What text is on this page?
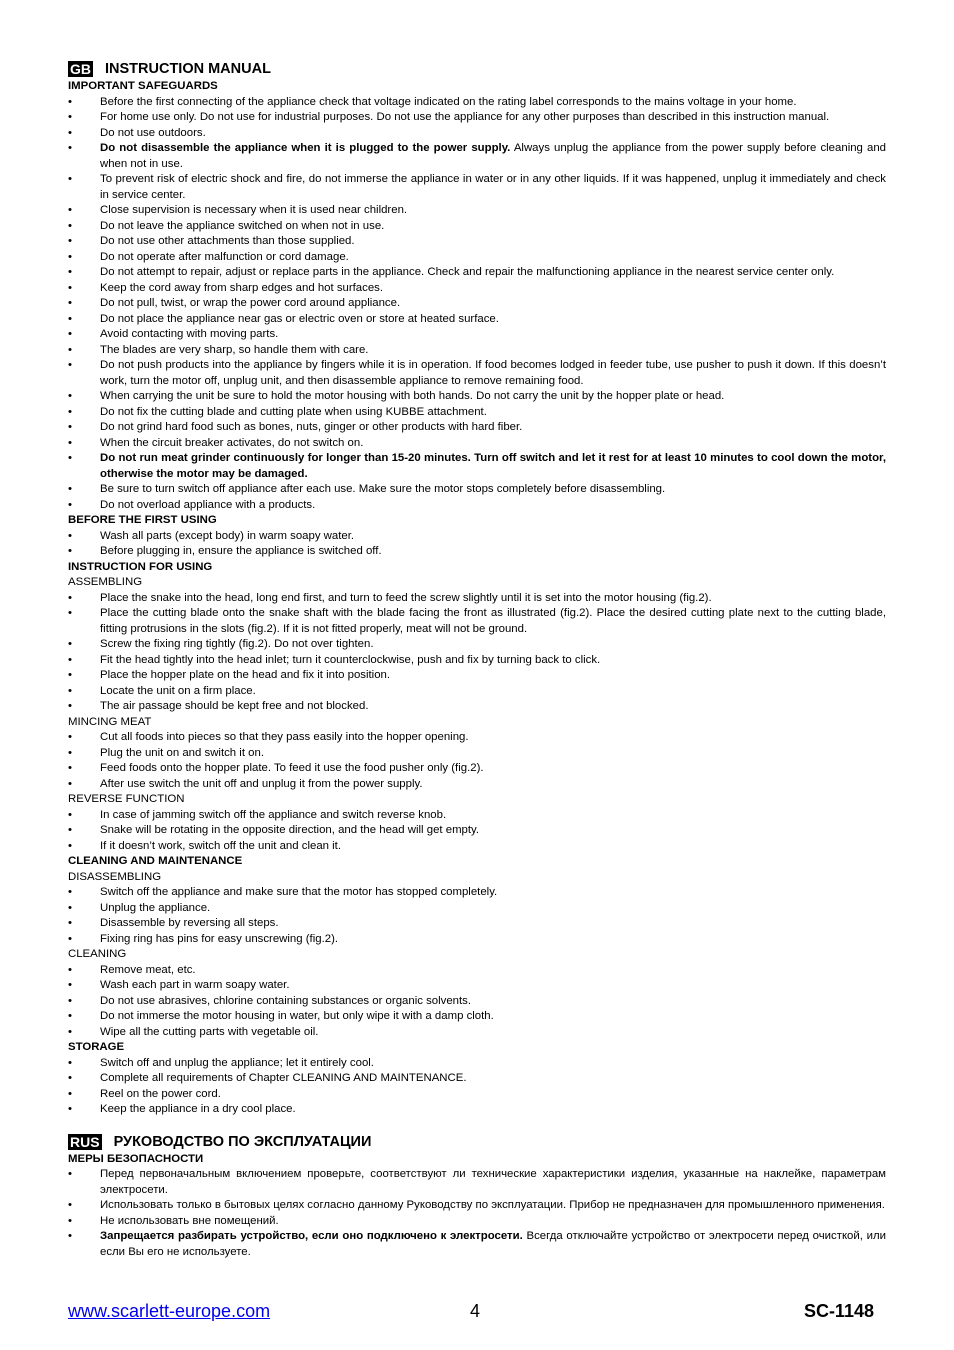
GB INSTRUCTION MANUAL
IMPORTANT SAFEGUARDS
• Before the first connecting of the appliance check that voltage indicated on the rating label corresponds to the mains voltage in your home.
• For home use only. Do not use for industrial purposes. Do not use the appliance for any other purposes than described in this instruction manual.
• Do not use outdoors.
• Do not disassemble the appliance when it is plugged to the power supply. Always unplug the appliance from the power supply before cleaning and when not in use.
• To prevent risk of electric shock and fire, do not immerse the appliance in water or in any other liquids. If it was happened, unplug it immediately and check in service center.
• Close supervision is necessary when it is used near children.
• Do not leave the appliance switched on when not in use.
• Do not use other attachments than those supplied.
• Do not operate after malfunction or cord damage.
• Do not attempt to repair, adjust or replace parts in the appliance. Check and repair the malfunctioning appliance in the nearest service center only.
• Keep the cord away from sharp edges and hot surfaces.
• Do not pull, twist, or wrap the power cord around appliance.
• Do not place the appliance near gas or electric oven or store at heated surface.
• Avoid contacting with moving parts.
• The blades are very sharp, so handle them with care.
• Do not push products into the appliance by fingers while it is in operation. If food becomes lodged in feeder tube, use pusher to push it down. If this doesn’t work, turn the motor off, unplug unit, and then disassemble appliance to remove remaining food.
• When carrying the unit be sure to hold the motor housing with both hands. Do not carry the unit by the hopper plate or head.
• Do not fix the cutting blade and cutting plate when using KUBBE attachment.
• Do not grind hard food such as bones, nuts, ginger or other products with hard fiber.
• When the circuit breaker activates, do not switch on.
• Do not run meat grinder continuously for longer than 15-20 minutes. Turn off switch and let it rest for at least 10 minutes to cool down the motor, otherwise the motor may be damaged.
• Be sure to turn switch off appliance after each use. Make sure the motor stops completely before disassembling.
• Do not overload appliance with a products.
BEFORE THE FIRST USING
• Wash all parts (except body) in warm soapy water.
• Before plugging in, ensure the appliance is switched off.
INSTRUCTION FOR USING
ASSEMBLING
• Place the snake into the head, long end first, and turn to feed the screw slightly until it is set into the motor housing (fig.2).
• Place the cutting blade onto the snake shaft with the blade facing the front as illustrated (fig.2). Place the desired cutting plate next to the cutting blade, fitting protrusions in the slots (fig.2). If it is not fitted properly, meat will not be ground.
• Screw the fixing ring tightly (fig.2). Do not over tighten.
• Fit the head tightly into the head inlet; turn it counterclockwise, push and fix by turning back to click.
• Place the hopper plate on the head and fix it into position.
• Locate the unit on a firm place.
• The air passage should be kept free and not blocked.
MINCING MEAT
• Cut all foods into pieces so that they pass easily into the hopper opening.
• Plug the unit on and switch it on.
• Feed foods onto the hopper plate. To feed it use the food pusher only (fig.2).
• After use switch the unit off and unplug it from the power supply.
REVERSE FUNCTION
• In case of jamming switch off the appliance and switch reverse knob.
• Snake will be rotating in the opposite direction, and the head will get empty.
• If it doesn’t work, switch off the unit and clean it.
CLEANING AND MAINTENANCE
DISASSEMBLING
• Switch off the appliance and make sure that the motor has stopped completely.
• Unplug the appliance.
• Disassemble by reversing all steps.
• Fixing ring has pins for easy unscrewing (fig.2).
CLEANING
• Remove meat, etc.
• Wash each part in warm soapy water.
• Do not use abrasives, chlorine containing substances or organic solvents.
• Do not immerse the motor housing in water, but only wipe it with a damp cloth.
• Wipe all the cutting parts with vegetable oil.
STORAGE
• Switch off and unplug the appliance; let it entirely cool.
• Complete all requirements of Chapter CLEANING AND MAINTENANCE.
• Reel on the power cord.
• Keep the appliance in a dry cool place.
RUS РУКОВОДСТВО ПО ЭКСПЛУАТАЦИИ
МЕРЫ БЕЗОПАСНОСТИ
• Перед первоначальным включением проверьте, соответствуют ли технические характеристики изделия, указанные на наклейке, параметрам электросети.
• Использовать только в бытовых целях согласно данному Руководству по эксплуатации. Прибор не предназначен для промышленного применения.
• Не использовать вне помещений.
• Запрещается разбирать устройство, если оно подключено к электросети. Всегда отключайте устройство от электросети перед очисткой, или если Вы его не используете.
www.scarlett-europe.com	4	SC-1148
